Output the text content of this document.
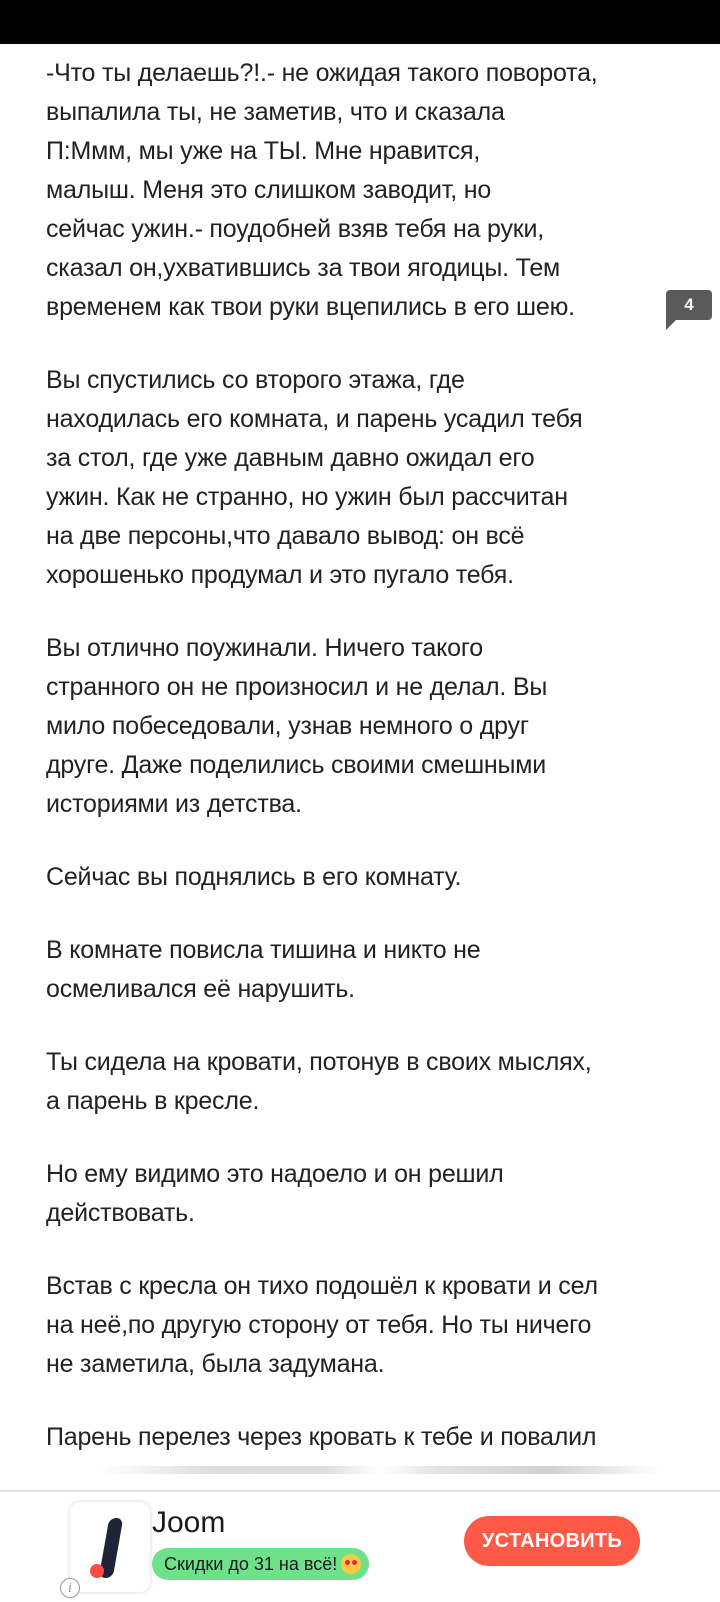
-Что ты делаешь?!.- не ожидая такого поворота,
выпалила ты, не заметив, что и сказала
П:Ммм, мы уже на ТЫ. Мне нравится,
малыш. Меня это слишком заводит, но
сейчас ужин.- поудобней взяв тебя на руки,
сказал он,ухватившись за твои ягодицы. Тем
временем как твои руки вцепились в его шею.

Вы спустились со второго этажа, где
находилась его комната, и парень усадил тебя
за стол, где уже давным давно ожидал его
ужин. Как не странно, но ужин был рассчитан
на две персоны,что давало вывод: он всё
хорошенько продумал и это пугало тебя.

Вы отлично поужинали. Ничего такого
странного он не произносил и не делал. Вы
мило побеседовали, узнав немного о друг
друге. Даже поделились своими смешными
историями из детства.

Сейчас вы поднялись в его комнату.

В комнате повисла тишина и никто не
осмеливался её нарушить.

Ты сидела на кровати, потонув в своих мыслях,
а парень в кресле.

Но ему видимо это надоело и он решил
действовать.

Встав с кресла он тихо подошёл к кровати и сел
на неё,по другую сторону от тебя. Но ты ничего
не заметила, была задумана.

Парень перелез через кровать к тебе и повалил

4
i
Joom
Скидки до 31 на всё!
УСТАНОВИТЬ
